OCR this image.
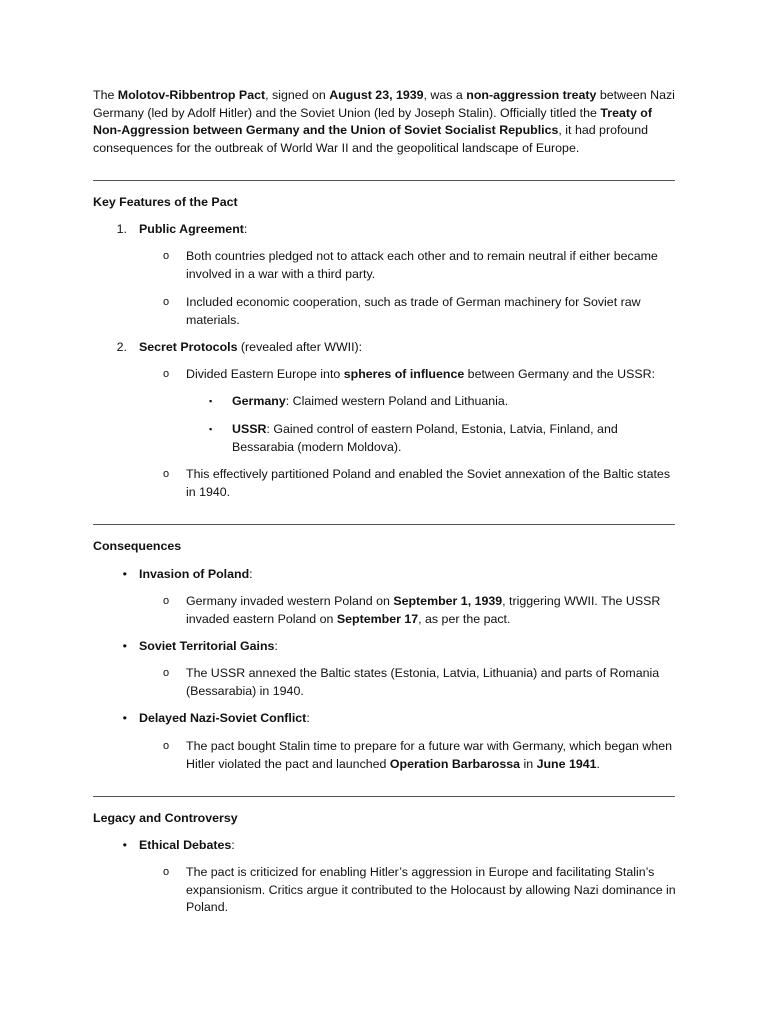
The Molotov-Ribbentrop Pact, signed on August 23, 1939, was a non-aggression treaty between Nazi Germany (led by Adolf Hitler) and the Soviet Union (led by Joseph Stalin). Officially titled the Treaty of Non-Aggression between Germany and the Union of Soviet Socialist Republics, it had profound consequences for the outbreak of World War II and the geopolitical landscape of Europe.

Key Features of the Pact

1. Public Agreement:

o	Both countries pledged not to attack each other and to remain neutral if either became involved in a war with a third party.

o	Included economic cooperation, such as trade of German machinery for Soviet raw materials.

2. Secret Protocols (revealed after WWII):

o	Divided Eastern Europe into spheres of influence between Germany and the USSR:

▪	Germany: Claimed western Poland and Lithuania.

▪	USSR: Gained control of eastern Poland, Estonia, Latvia, Finland, and Bessarabia (modern Moldova).

o	This effectively partitioned Poland and enabled the Soviet annexation of the Baltic states in 1940.

Consequences

• Invasion of Poland:

o	Germany invaded western Poland on September 1, 1939, triggering WWII. The USSR invaded eastern Poland on September 17, as per the pact.

• Soviet Territorial Gains:

o	The USSR annexed the Baltic states (Estonia, Latvia, Lithuania) and parts of Romania (Bessarabia) in 1940.

• Delayed Nazi-Soviet Conflict:

o	The pact bought Stalin time to prepare for a future war with Germany, which began when Hitler violated the pact and launched Operation Barbarossa in June 1941.

Legacy and Controversy

• Ethical Debates:

o	The pact is criticized for enabling Hitler’s aggression in Europe and facilitating Stalin’s expansionism. Critics argue it contributed to the Holocaust by allowing Nazi dominance in Poland.
